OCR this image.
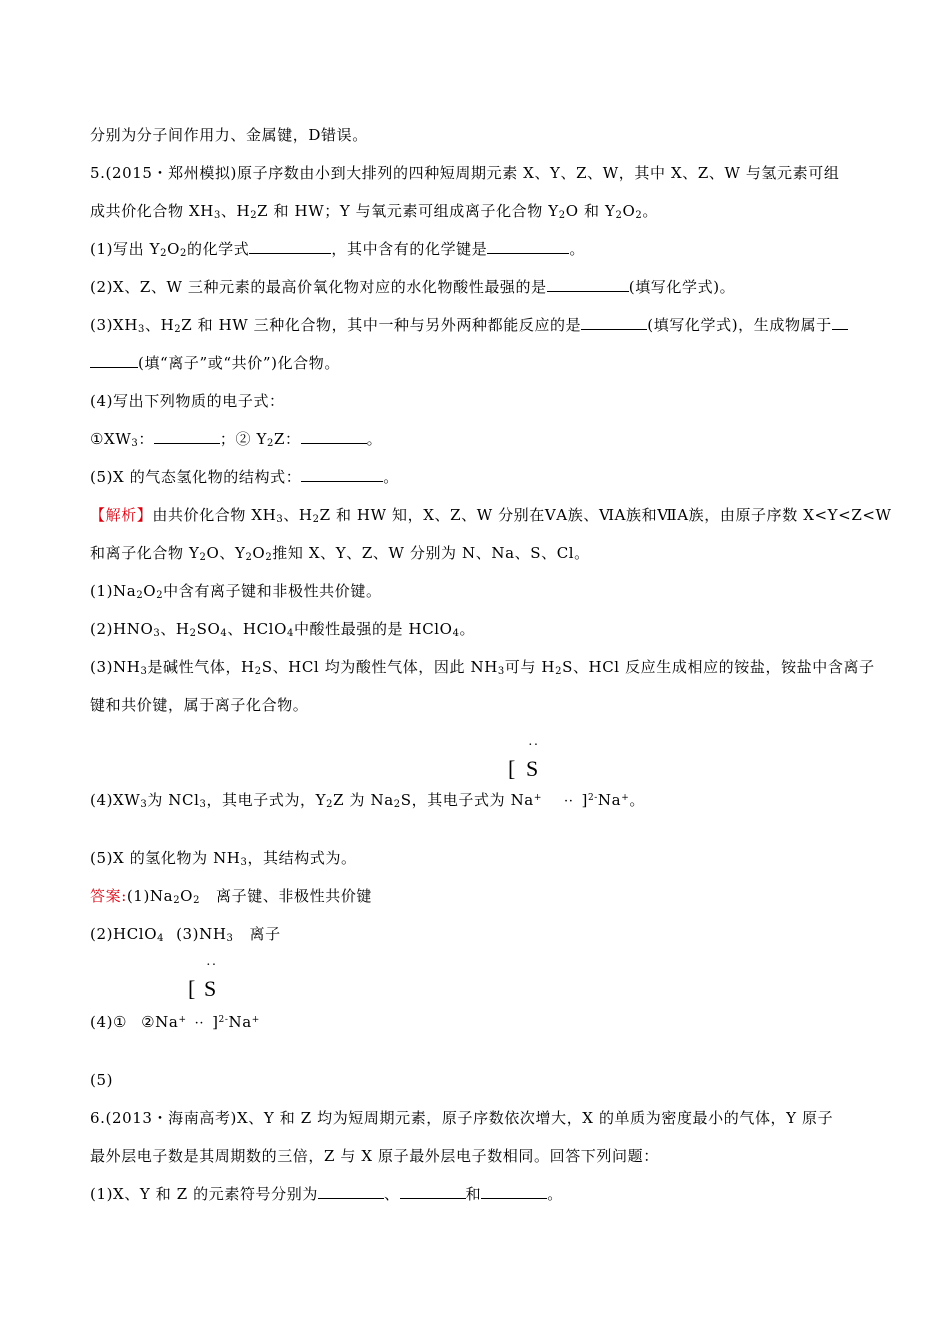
分别为分子间作用力、金属键，D错误。
5.(2015・郑州模拟)原子序数由小到大排列的四种短周期元素 X、Y、Z、W，其中 X、Z、W 与氢元素可组
成共价化合物 $XH_3$、$H_2Z$ 和 HW；Y 与氧元素可组成离子化合物 $Y_2O$ 和 $Y_2O_2$。
(1)写出 $Y_2O_2$的化学式	，其中含有的化学键是	。
(2)X、Z、W 三种元素的最高价氧化物对应的水化物酸性最强的是	(填写化学式)。
$(3)XH_3$、$H_2Z$ 和 HW 三种化合物，其中一种与另外两种都能反应的是	(填写化学式)，生成物属于
(填“离子”或“共价”)化合物。
(4)写出下列物质的电子式：
$①XW_3$：	；② $Y_2Z$：	。
(5)X 的气态氢化物的结构式：	。
【解析】由共价化合物 $XH_3$、$H_2Z$ 和 HW 知，X、Z、W 分别在ⅤA族、ⅥA族和ⅦA族，由原子序数 X<Y<Z<W
和离子化合物 $Y_2O$、$Y_2O_2$推知 X、Y、Z、W 分别为 N、Na、S、Cl。
$(1)Na_2O_2$中含有离子键和非极性共价键。
$(2)HNO_3$、$H_2SO_4$、HClO$_4$中酸性最强的是 HClO$_4$。
$(3)NH_3$是碱性气体，$H_2S$、HCl 均为酸性气体，因此 $NH_3$可与 $H_2S$、HCl 反应生成相应的铵盐，铵盐中含离子
键和共价键，属于离子化合物。
··
[ S
$(4)XW_3$为 NCl$_3$，其电子式为，$Y_2Z$ 为 $Na_2S$，其电子式为 Na+ ·· ]$^{2-}$Na+。
(5)X 的氢化物为 $NH_3$，其结构式为。
答案$:(1)Na_2O_2$ 离子键、非极性共价键
(2)HClO$_4$ $(3)NH_3$ 离子
··
[ S
(4)① ②Na+ ·· ]$^{2-}$Na+
(5)
6.(2013・海南高考)X、Y 和 Z 均为短周期元素，原子序数依次增大，X 的单质为密度最小的气体，Y 原子
最外层电子数是其周期数的三倍，Z 与 X 原子最外层电子数相同。回答下列问题：
(1)X、Y 和 Z 的元素符号分别为	、	和	。
